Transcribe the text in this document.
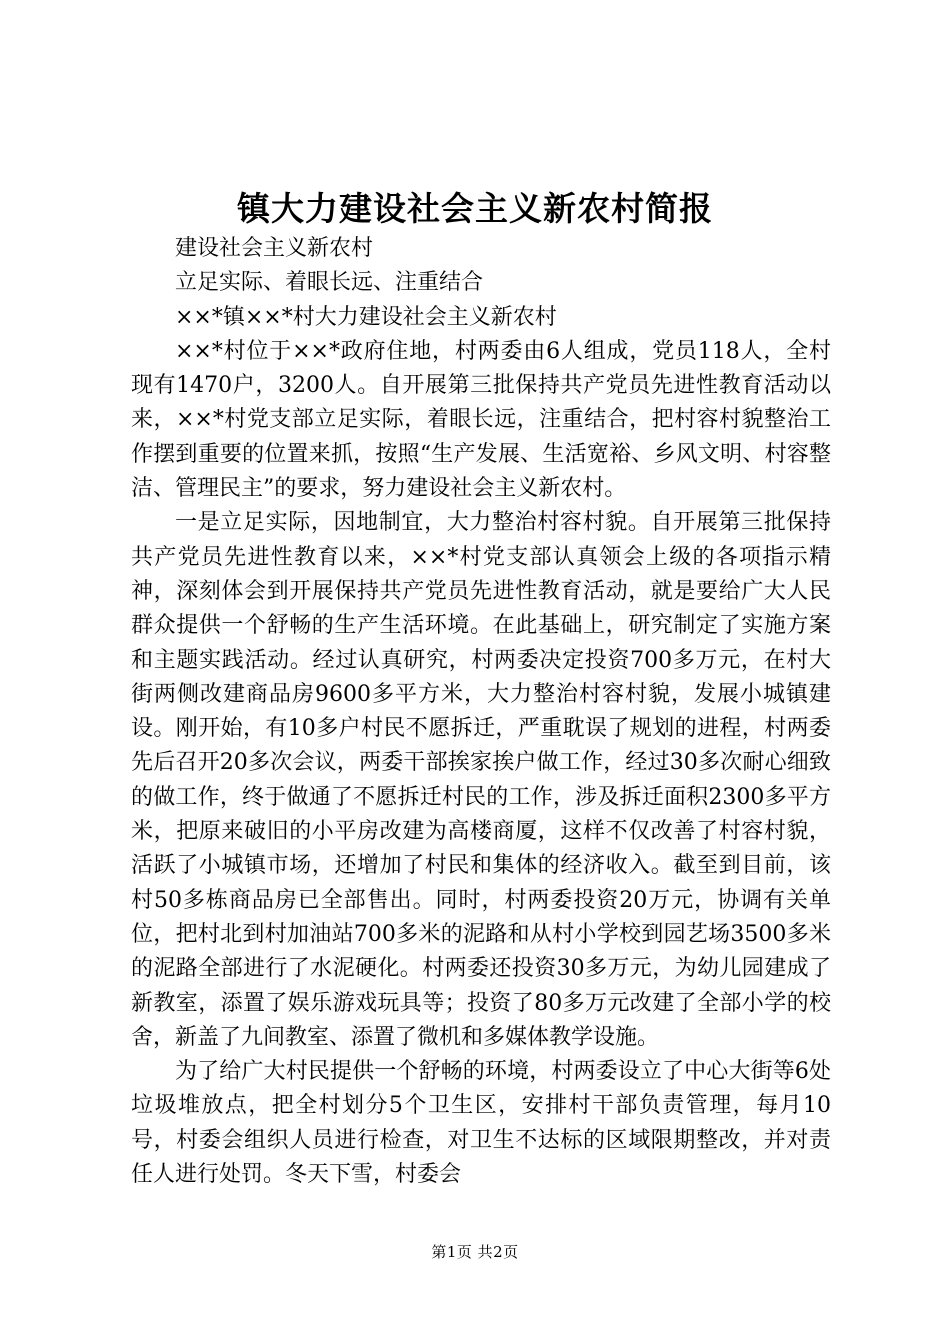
镇大力建设社会主义新农村简报

建设社会主义新农村

立足实际、着眼长远、注重结合

××*镇××*村大力建设社会主义新农村

××*村位于××*政府住地，村两委由6人组成，党员118人，全村现有1470户，3200人。自开展第三批保持共产党员先进性教育活动以来，××*村党支部立足实际，着眼长远，注重结合，把村容村貌整治工作摆到重要的位置来抓，按照“生产发展、生活宽裕、乡风文明、村容整洁、管理民主”的要求，努力建设社会主义新农村。

一是立足实际，因地制宜，大力整治村容村貌。自开展第三批保持共产党员先进性教育以来，××*村党支部认真领会上级的各项指示精神，深刻体会到开展保持共产党员先进性教育活动，就是要给广大人民群众提供一个舒畅的生产生活环境。在此基础上，研究制定了实施方案和主题实践活动。经过认真研究，村两委决定投资700多万元，在村大街两侧改建商品房9600多平方米，大力整治村容村貌，发展小城镇建设。刚开始，有10多户村民不愿拆迁，严重耽误了规划的进程，村两委先后召开20多次会议，两委干部挨家挨户做工作，经过30多次耐心细致的做工作，终于做通了不愿拆迁村民的工作，涉及拆迁面积2300多平方米，把原来破旧的小平房改建为高楼商厦，这样不仅改善了村容村貌，活跃了小城镇市场，还增加了村民和集体的经济收入。截至到目前，该村50多栋商品房已全部售出。同时，村两委投资20万元，协调有关单位，把村北到村加油站700多米的泥路和从村小学校到园艺场3500多米的泥路全部进行了水泥硬化。村两委还投资30多万元，为幼儿园建成了新教室，添置了娱乐游戏玩具等；投资了80多万元改建了全部小学的校舍，新盖了九间教室、添置了微机和多媒体教学设施。

为了给广大村民提供一个舒畅的环境，村两委设立了中心大街等6处垃圾堆放点，把全村划分5个卫生区，安排村干部负责管理，每月10号，村委会组织人员进行检查，对卫生不达标的区域限期整改，并对责任人进行处罚。冬天下雪，村委会

第1页 共2页
